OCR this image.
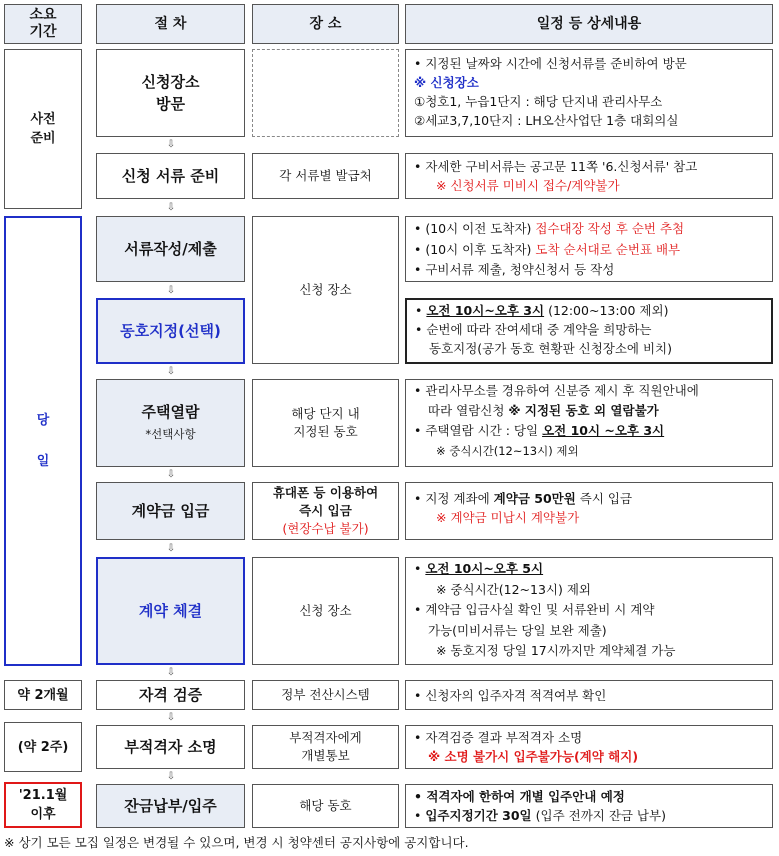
소요
기간
절 차	장 소	일정 등 상세내용
사전
준비
당
일
약 2개월
(약 2주)
'21.1월
이후
신청장소
방문
⇩
신청 서류 준비
⇩
서류작성/제출
⇩
동호지정(선택)
⇩
주택열람
*선택사항
⇩
계약금 입금
⇩
계약 체결
⇩
자격 검증
⇩
부적격자 소명
⇩
잔금납부/입주
각 서류별 발급처
신청 장소
해당 단지 내
지정된 동호
휴대폰 등 이용하여
즉시 입금
(현장수납 불가)
신청 장소
정부 전산시스템
부적격자에게
개별통보
해당 동호

• 지정된 날짜와 시간에 신청서류를 준비하여 방문

※ 신청장소

①청호1, 누읍1단지 : 해당 단지내 관리사무소

②세교3,7,10단지 : LH오산사업단 1층 대회의실

• 자세한 구비서류는 공고문 11쪽 '6.신청서류' 참고

※ 신청서류 미비시 접수/계약불가

• (10시 이전 도착자) 접수대장 작성 후 순번 추첨

• (10시 이후 도착자) 도착 순서대로 순번표 배부

• 구비서류 제출, 청약신청서 등 작성

• 오전 10시~오후 3시 (12:00~13:00 제외)

• 순번에 따라 잔여세대 중 계약을 희망하는

동호지정(공가 동호 현황판 신청장소에 비치)

• 관리사무소를 경유하여 신분증 제시 후 직원안내에

따라 열람신청 ※ 지정된 동호 외 열람불가

• 주택열람 시간 : 당일 오전 10시 ~오후 3시

※ 중식시간(12~13시) 제외

• 지정 계좌에 계약금 50만원 즉시 입금

※ 계약금 미납시 계약불가

• 오전 10시~오후 5시

※ 중식시간(12~13시) 제외

• 계약금 입금사실 확인 및 서류완비 시 계약

가능(미비서류는 당일 보완 제출)

※ 동호지정 당일 17시까지만 계약체결 가능

• 신청자의 입주자격 적격여부 확인

• 자격검증 결과 부적격자 소명

※ 소명 불가시 입주불가능(계약 해지)

• 적격자에 한하여 개별 입주안내 예정

• 입주지정기간 30일 (입주 전까지 잔금 납부)

※ 상기 모든 모집 일정은 변경될 수 있으며, 변경 시 청약센터 공지사항에 공지합니다.
